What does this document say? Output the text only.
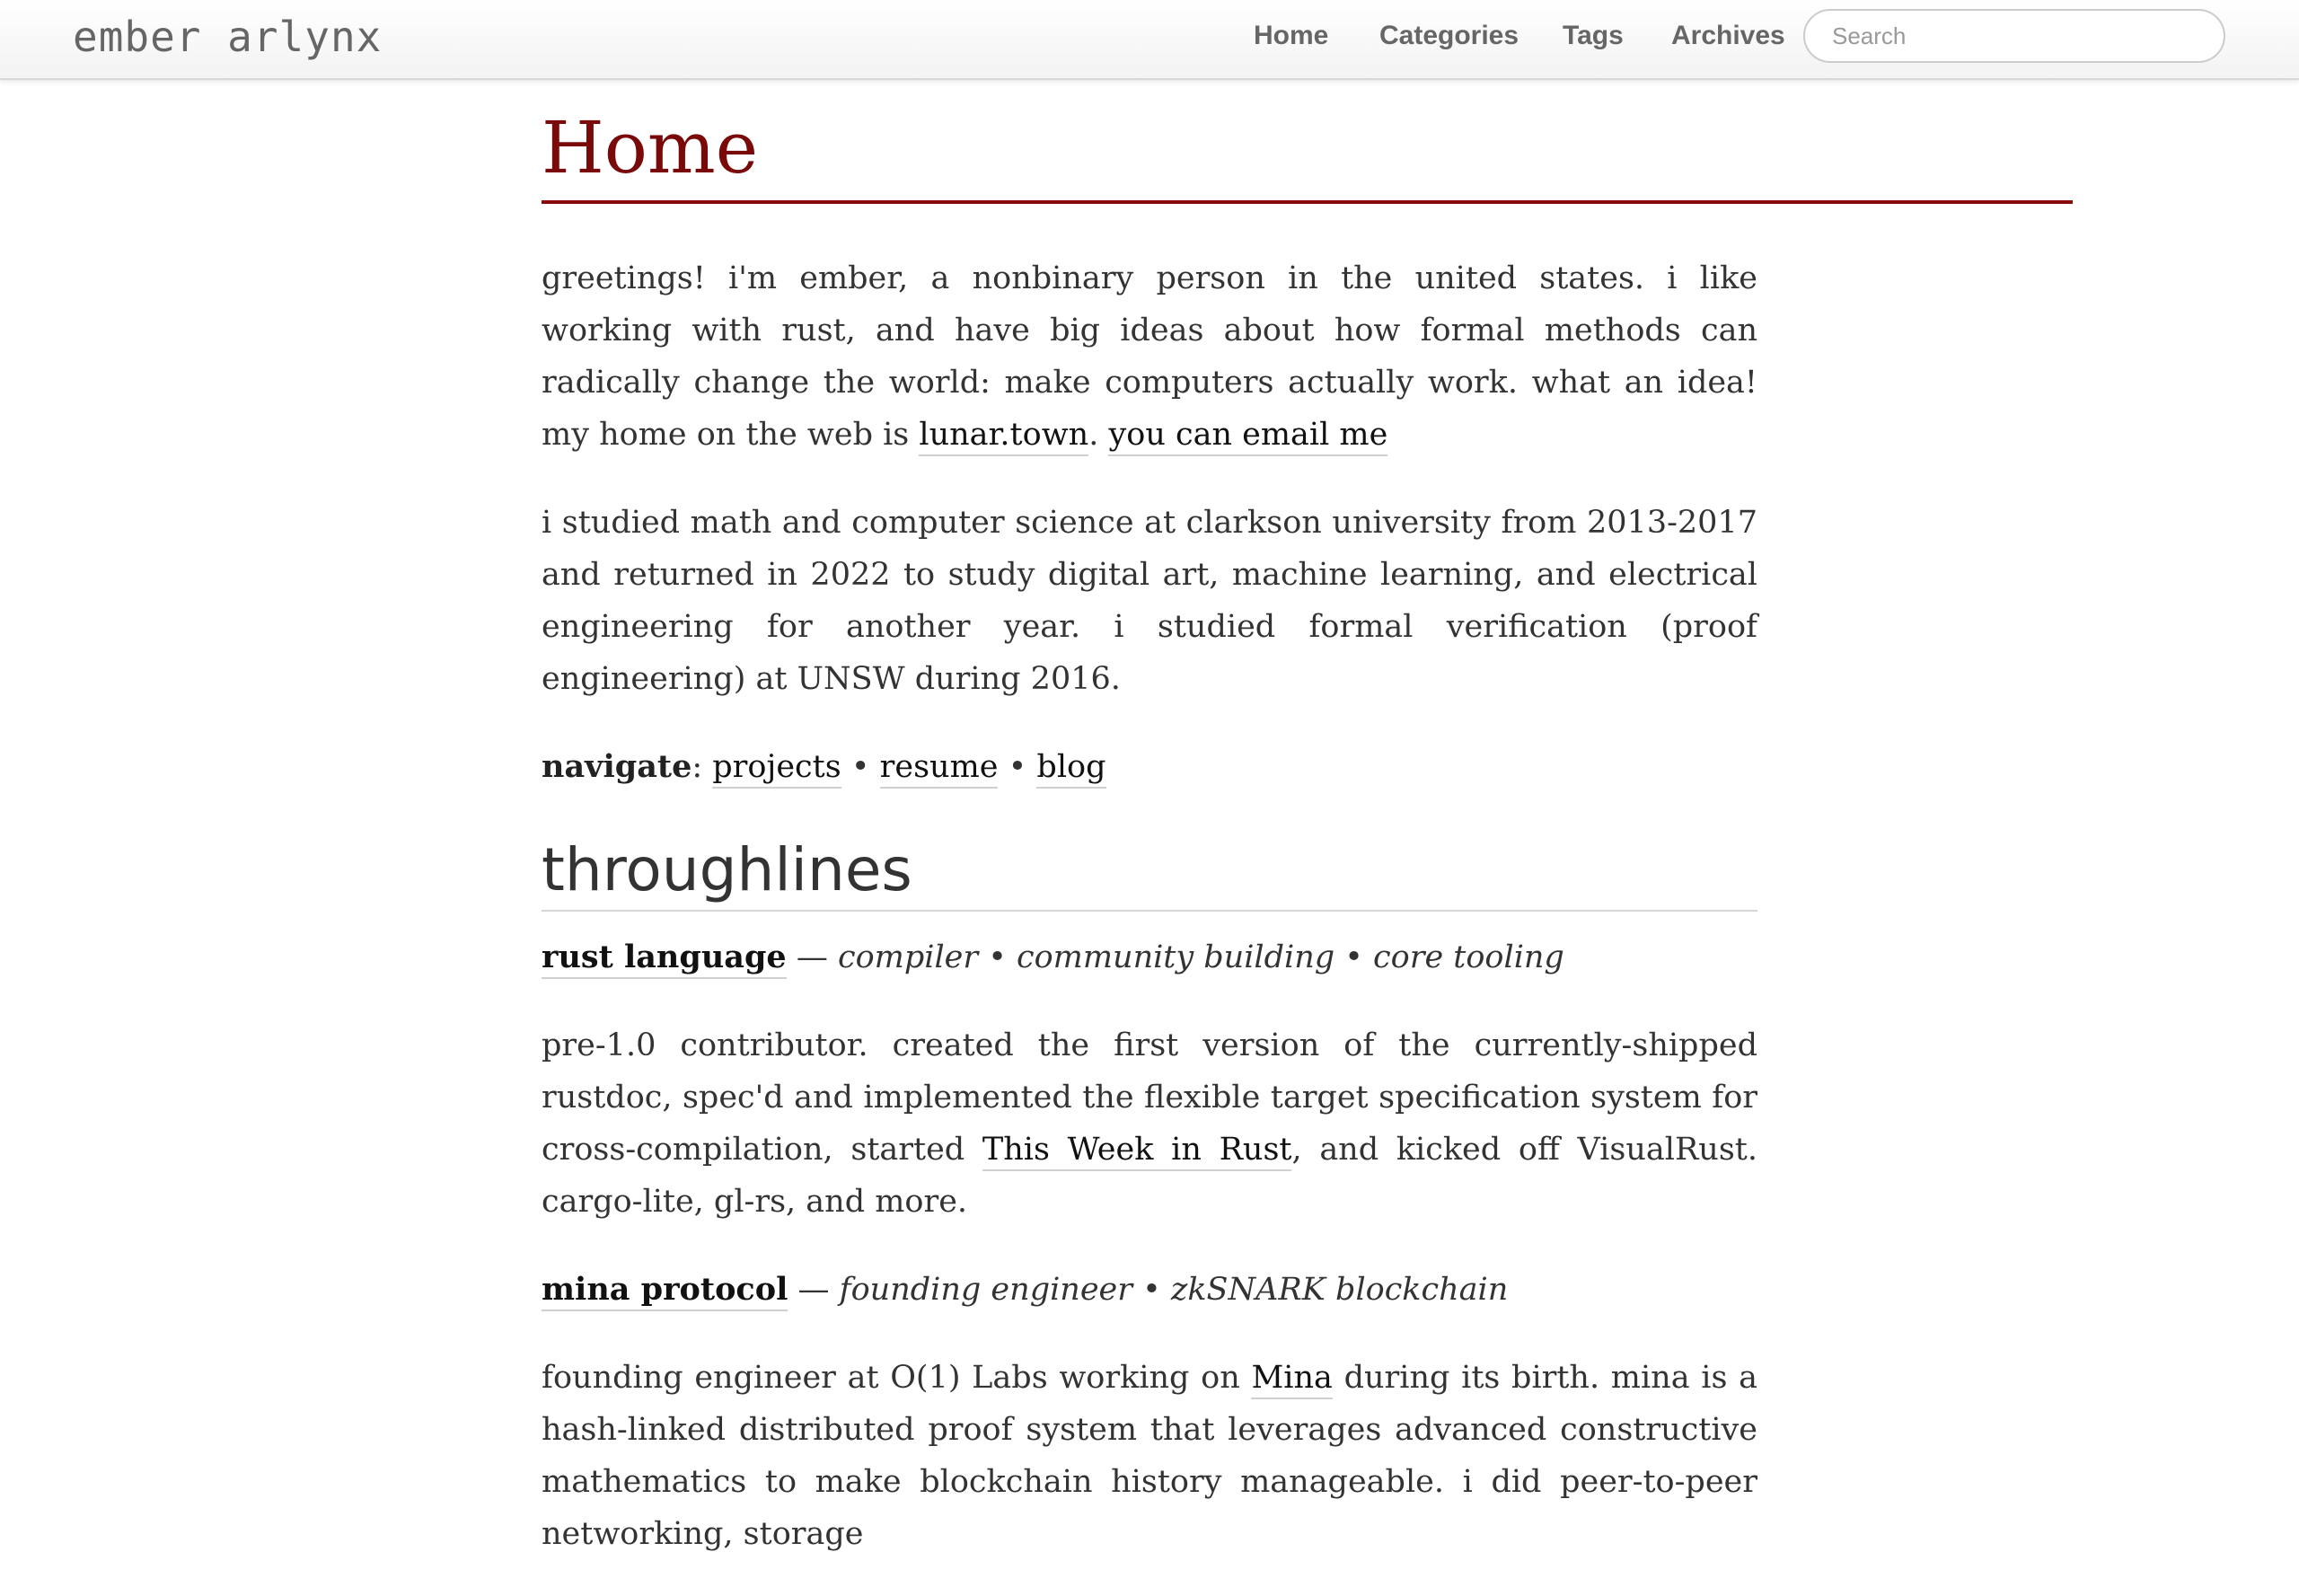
ember arlynx	Home Categories Tags Archives
Search
Home

greetings! i'm ember, a nonbinary person in the united states. i like working with rust, and have big ideas about how formal methods can radically change the world: make computers actually work. what an idea! my home on the web is lunar.town. you can email me

i studied math and computer science at clarkson university from 2013-2017 and returned in 2022 to study digital art, machine learning, and electrical engineering for another year. i studied formal verification (proof engineering) at UNSW during 2016.

navigate: projects • resume • blog

throughlines

rust language — compiler • community building • core tooling

pre-1.0 contributor. created the first version of the currently-shipped rustdoc, spec'd and implemented the flexible target specification system for cross-compilation, started This Week in Rust, and kicked off VisualRust. cargo-lite, gl-rs, and more.

mina protocol — founding engineer • zkSNARK blockchain

founding engineer at O(1) Labs working on Mina during its birth. mina is a hash-linked distributed proof system that leverages advanced constructive mathematics to make blockchain history manageable. i did peer-to-peer networking, storage
